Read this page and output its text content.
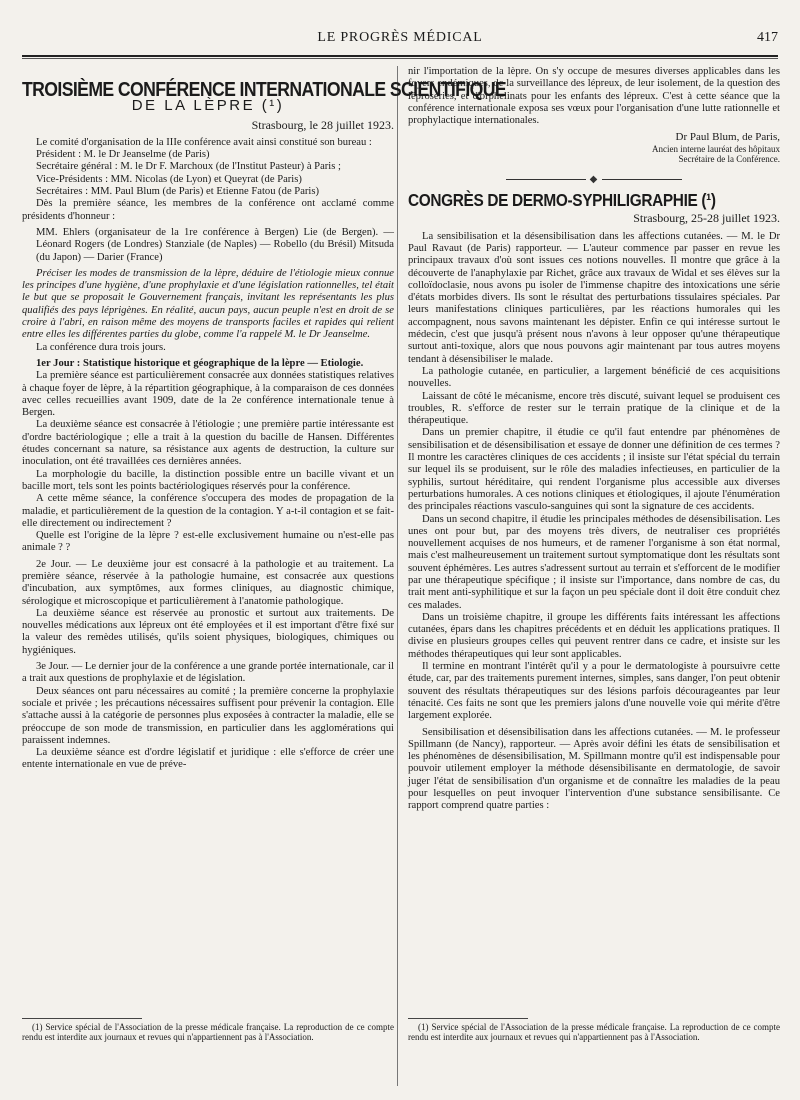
LE PROGRÈS MÉDICAL	417
TROISIÈME CONFÉRENCE INTERNATIONALE SCIENTIFIQUE
DE LA LÈPRE (¹)
Strasbourg, le 28 juillet 1923.

Le comité d'organisation de la IIIe conférence avait ainsi constitué son bureau :

Président : M. le Dr Jeanselme (de Paris)

Secrétaire général : M. le Dr F. Marchoux (de l'Institut Pasteur) à Paris ;

Vice-Présidents : MM. Nicolas (de Lyon) et Queyrat (de Paris)

Secrétaires : MM. Paul Blum (de Paris) et Etienne Fatou (de Paris)

Dès la première séance, les membres de la conférence ont acclamé comme présidents d'honneur :

MM. Ehlers (organisateur de la 1re conférence à Bergen) Lie (de Bergen). — Léonard Rogers (de Londres) Stanziale (de Naples) — Robello (du Brésil) Mitsuda (du Japon) — Darier (France)

Préciser les modes de transmission de la lèpre, déduire de l'étiologie mieux connue les principes d'une hygiène, d'une prophylaxie et d'une législation rationnelles, tel était le but que se proposait le Gouvernement français, invitant les représentants les plus qualifiés des pays léprigènes. En réalité, aucun pays, aucun peuple n'est en droit de se croire à l'abri, en raison même des moyens de transports faciles et rapides qui relient entre elles les différentes parties du globe, comme l'a rappelé M. le Dr Jeanselme.

La conférence dura trois jours.

1er Jour : Statistique historique et géographique de la lèpre — Etiologie.

La première séance est particulièrement consacrée aux données statistiques relatives à chaque foyer de lèpre, à la répartition géographique, à la comparaison de ces données avec celles recueillies avant 1909, date de la 2e conférence internationale tenue à Bergen.

La deuxième séance est consacrée à l'étiologie ; une première partie intéressante est d'ordre bactériologique ; elle a trait à la question du bacille de Hansen. Différentes études concernant sa nature, sa résistance aux agents de destruction, la culture sur inoculation, ont été travaillées ces dernières années.

La morphologie du bacille, la distinction possible entre un bacille vivant et un bacille mort, tels sont les points bactériologiques réservés pour la conférence.

A cette même séance, la conférence s'occupera des modes de propagation de la maladie, et particulièrement de la question de la contagion. Y a-t-il contagion et se fait-elle directement ou indirectement ?

Quelle est l'origine de la lèpre ? est-elle exclusivement humaine ou n'est-elle pas animale ? ?

2e Jour. — Le deuxième jour est consacré à la pathologie et au traitement. La première séance, réservée à la pathologie humaine, est consacrée aux questions d'incubation, aux symptômes, aux formes cliniques, au diagnostic chimique, sérologique et microscopique et particulièrement à l'anatomie pathologique.

La deuxième séance est réservée au pronostic et surtout aux traitements. De nouvelles médications aux lépreux ont été employées et il est important d'être fixé sur la valeur des remèdes utilisés, qu'ils soient physiques, biologiques, chimiques ou hygiéniques.

3e Jour. — Le dernier jour de la conférence a une grande portée internationale, car il a trait aux questions de prophylaxie et de législation.

Deux séances ont paru nécessaires au comité ; la première concerne la prophylaxie sociale et privée ; les précautions nécessaires suffisent pour prévenir la contagion. Elle s'attache aussi à la catégorie de personnes plus exposées à contracter la maladie, elle se préoccupe de son mode de transmission, en particulier dans les agglomérations qui paraissent indemnes.

La deuxième séance est d'ordre législatif et juridique : elle s'efforce de créer une entente internationale en vue de préve-

(1) Service spécial de l'Association de la presse médicale française. La reproduction de ce compte rendu est interdite aux journaux et revues qui n'appartiennent pas à l'Association.

nir l'importation de la lèpre. On s'y occupe de mesures diverses applicables dans les foyers endémiques, de la surveillance des lépreux, de leur isolement, de la question des léproseries, et d'orphelinats pour les enfants des lépreux. C'est à cette séance que la conférence internationale exposa ses vœux pour l'organisation d'une lutte rationnelle et prophylactique internationales.

Dr Paul Blum, de Paris,
Ancien interne lauréat des hôpitaux
Secrétaire de la Conférence.
◆
CONGRÈS DE DERMO-SYPHILIGRAPHIE (¹)
Strasbourg, 25-28 juillet 1923.

La sensibilisation et la désensibilisation dans les affections cutanées. — M. le Dr Paul Ravaut (de Paris) rapporteur. — L'auteur commence par passer en revue les principaux travaux d'où sont issues ces notions nouvelles. Il montre que grâce à la découverte de l'anaphylaxie par Richet, grâce aux travaux de Widal et ses élèves sur la colloïdoclasie, nous avons pu isoler de l'immense chapitre des intoxications une série d'états morbides divers. Ils sont le résultat des perturbations tissulaires spéciales. Par leurs manifestations cliniques particulières, par les réactions humorales qui les accompagnent, nous savons maintenant les dépister. Enfin ce qui intéresse surtout le médecin, c'est que jusqu'à présent nous n'avons à leur opposer qu'une thérapeutique surtout anti-toxique, alors que nous pouvons agir maintenant par tous autres moyens tendant à désensibiliser le malade.

La pathologie cutanée, en particulier, a largement bénéficié de ces acquisitions nouvelles.

Laissant de côté le mécanisme, encore très discuté, suivant lequel se produisent ces troubles, R. s'efforce de rester sur le terrain pratique de la clinique et de la thérapeutique.

Dans un premier chapitre, il étudie ce qu'il faut entendre par phénomènes de sensibilisation et de désensibilisation et essaye de donner une définition de ces termes ? Il montre les caractères cliniques de ces accidents ; il insiste sur l'état spécial du terrain sur lequel ils se produisent, sur le rôle des maladies infectieuses, en particulier de la syphilis, surtout héréditaire, qui rendent l'organisme plus accessible aux diverses perturbations humorales. A ces notions cliniques et étiologiques, il ajoute l'énumération des principales réactions vasculo-sanguines qui sont la signature de ces accidents.

Dans un second chapitre, il étudie les principales méthodes de désensibilisation. Les unes ont pour but, par des moyens très divers, de neutraliser ces propriétés nouvellement acquises de nos humeurs, et de ramener l'organisme à son état normal, mais c'est malheureusement un traitement surtout symptomatique dont les résultats sont souvent éphémères. Les autres s'adressent surtout au terrain et s'efforcent de le modifier par une thérapeutique spécifique ; il insiste sur l'importance, dans nombre de cas, du trait ment anti-syphilitique et sur la façon un peu spéciale dont il doit être conduit chez ces malades.

Dans un troisième chapitre, il groupe les différents faits intéressant les affections cutanées, épars dans les chapitres précédents et en déduit les applications pratiques. Il divise en plusieurs groupes celles qui peuvent rentrer dans ce cadre, et insiste sur les méthodes thérapeutiques qui leur sont applicables.

Il termine en montrant l'intérêt qu'il y a pour le dermatologiste à poursuivre cette étude, car, par des traitements purement internes, simples, sans danger, l'on peut obtenir souvent des résultats thérapeutiques sur des lésions parfois décourageantes par leur ténacité. Ces faits ne sont que les premiers jalons d'une nouvelle voie qui mérite d'être largement explorée.

Sensibilisation et désensibilisation dans les affections cutanées. — M. le professeur Spillmann (de Nancy), rapporteur. — Après avoir défini les états de sensibilisation et les phénomènes de désensibilisation, M. Spillmann montre qu'il est indispensable pour pouvoir utilement employer la méthode désensibilisante en dermatologie, de savoir juger l'état de sensibilisation d'un organisme et de connaître les maladies de la peau pour lesquelles on peut invoquer l'intervention d'une substance sensibilisante. Ce rapport comprend quatre parties :

(1) Service spécial de l'Association de la presse médicale française. La reproduction de ce compte rendu est interdite aux journaux et revues qui n'appartiennent pas à l'Association.
